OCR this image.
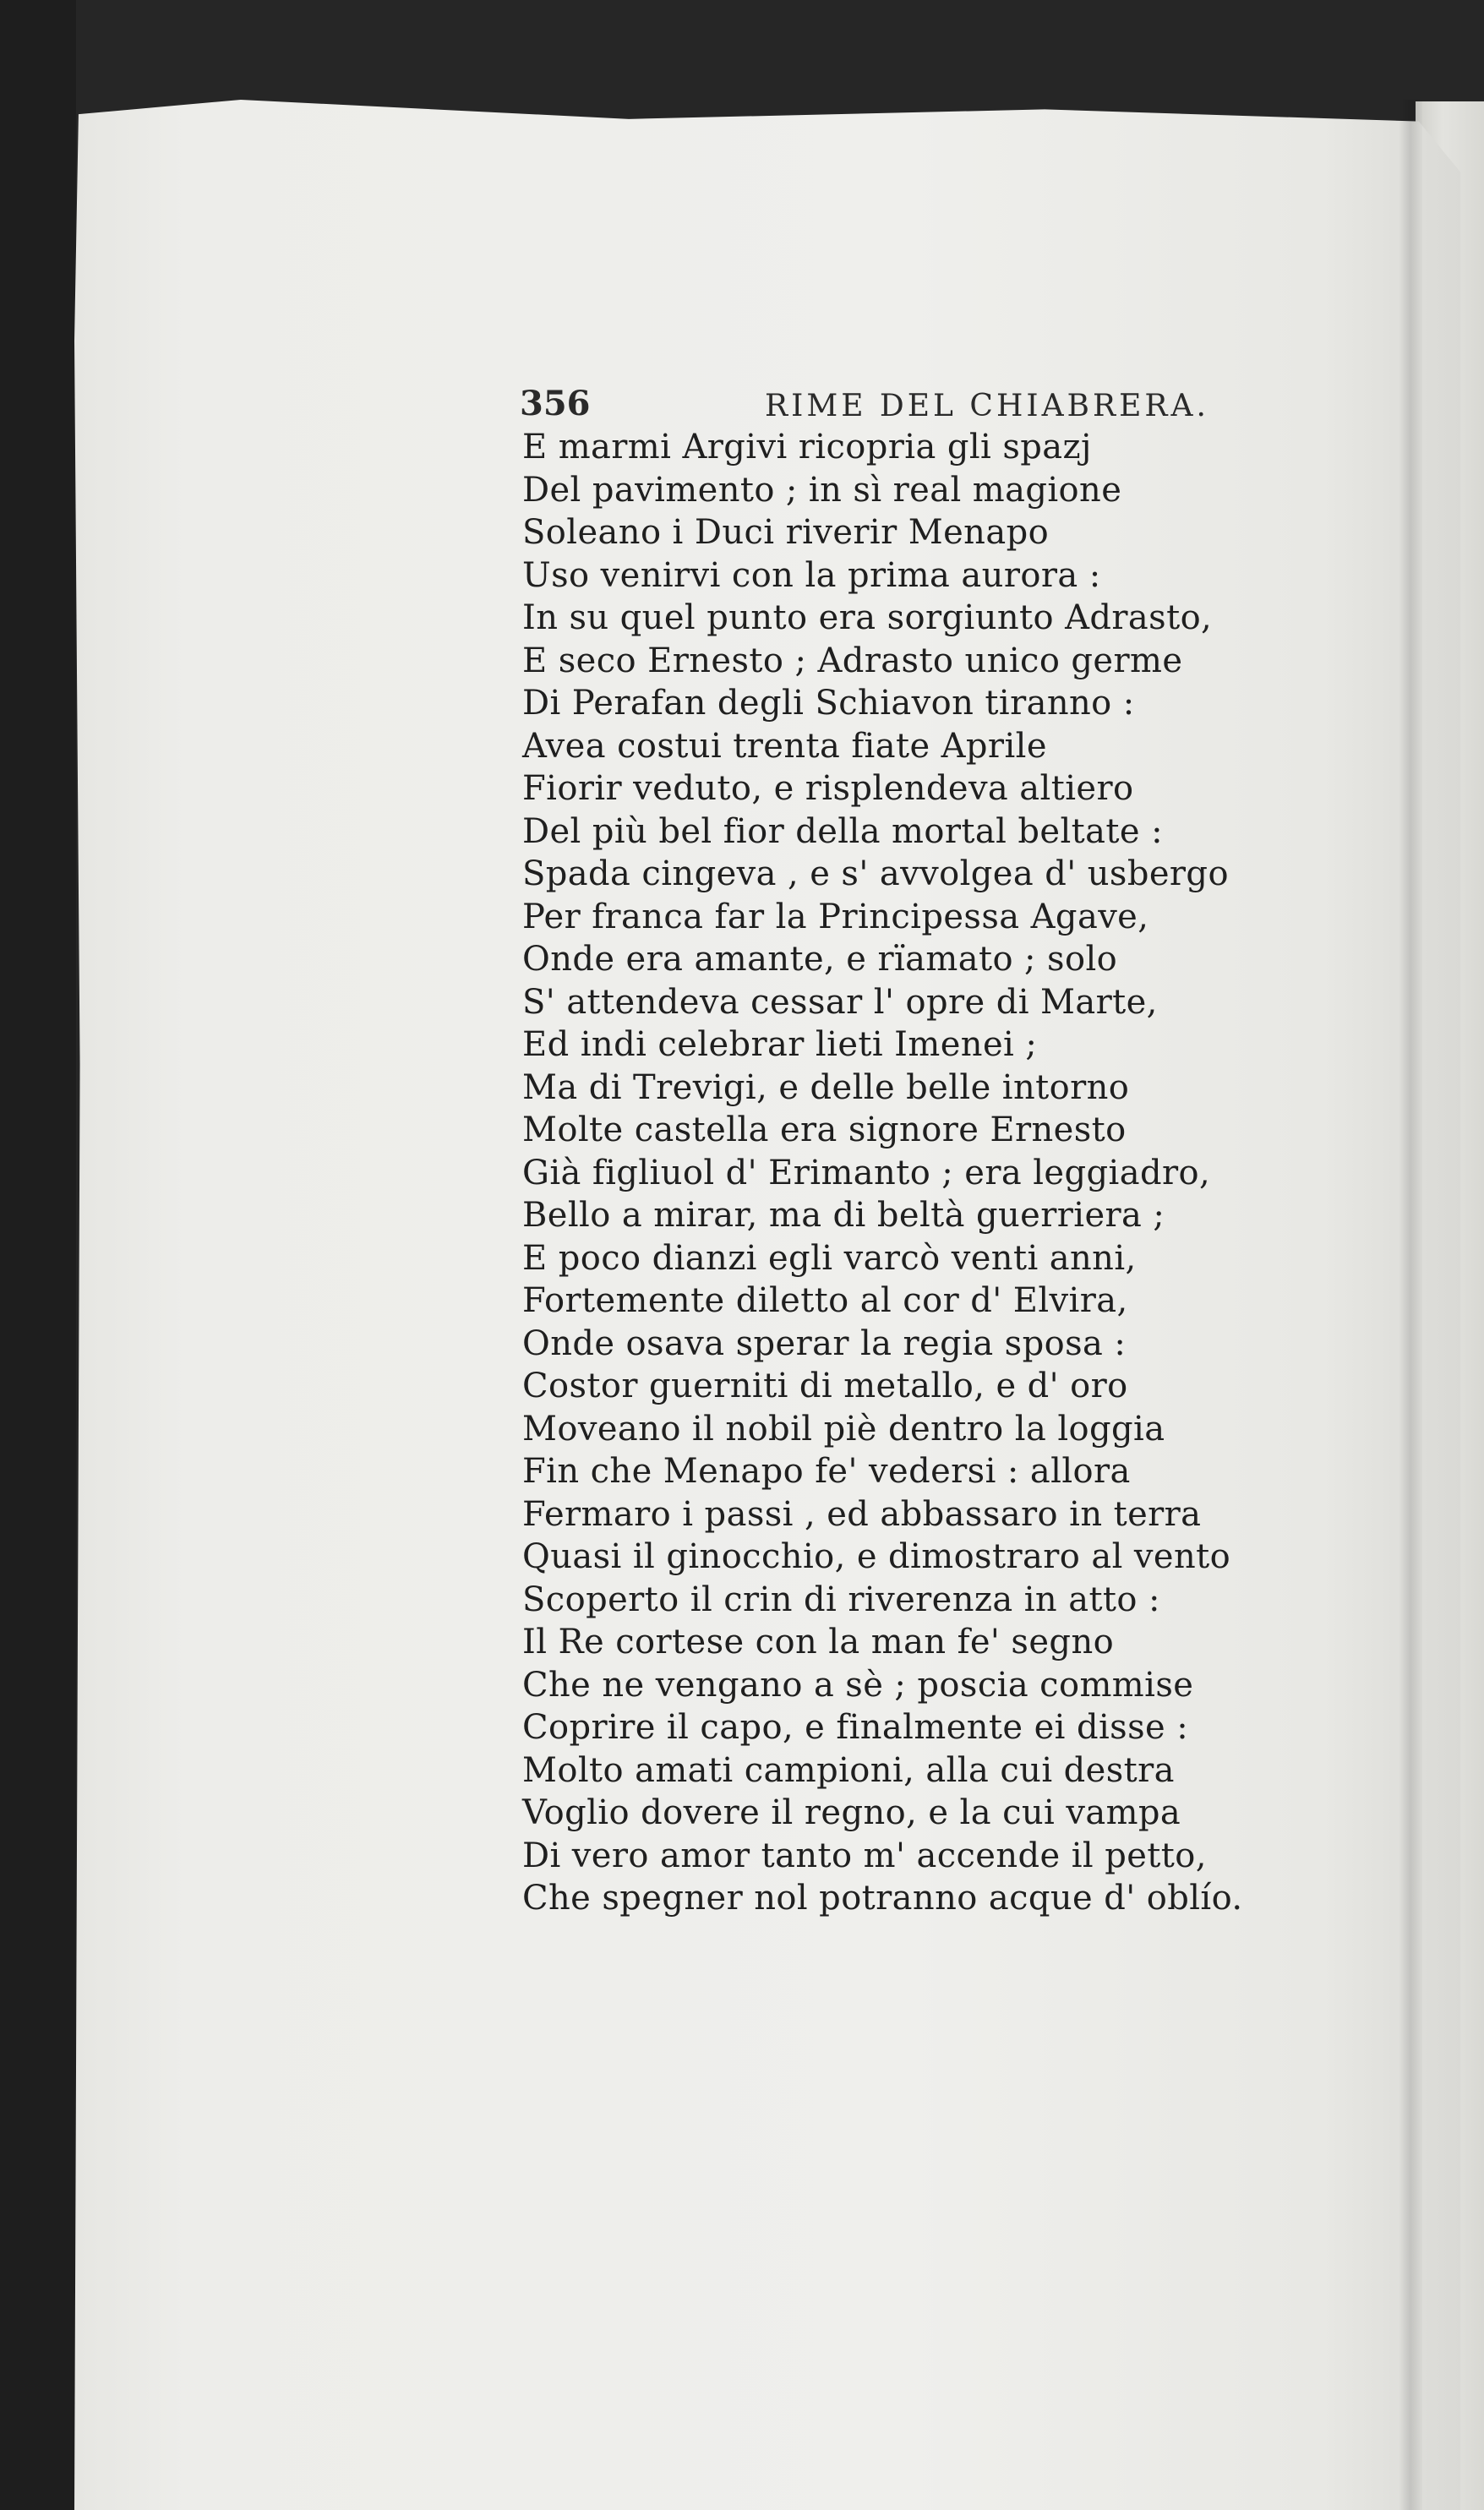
356	RIME DEL CHIABRERA.
E marmi Argivi ricopria gli spazj
Del pavimento ; in sì real magione
Soleano i Duci riverir Menapo
Uso venirvi con la prima aurora :
In su quel punto era sorgiunto Adrasto,
E seco Ernesto ; Adrasto unico germe
Di Perafan degli Schiavon tiranno :
Avea costui trenta fiate Aprile
Fiorir veduto, e risplendeva altiero
Del più bel fior della mortal beltate :
Spada cingeva , e s' avvolgea d' usbergo
Per franca far la Principessa Agave,
Onde era amante, e rïamato ; solo
S' attendeva cessar l' opre di Marte,
Ed indi celebrar lieti Imenei ;
Ma di Trevigi, e delle belle intorno
Molte castella era signore Ernesto
Già figliuol d' Erimanto ; era leggiadro,
Bello a mirar, ma di beltà guerriera ;
E poco dianzi egli varcò venti anni,
Fortemente diletto al cor d' Elvira,
Onde osava sperar la regia sposa :
Costor guerniti di metallo, e d' oro
Moveano il nobil piè dentro la loggia
Fin che Menapo fe' vedersi : allora
Fermaro i passi , ed abbassaro in terra
Quasi il ginocchio, e dimostraro al vento
Scoperto il crin di riverenza in atto :
Il Re cortese con la man fe' segno
Che ne vengano a sè ; poscia commise
Coprire il capo, e finalmente ei disse :
Molto amati campioni, alla cui destra
Voglio dovere il regno, e la cui vampa
Di vero amor tanto m' accende il petto,
Che spegner nol potranno acque d' oblío.
